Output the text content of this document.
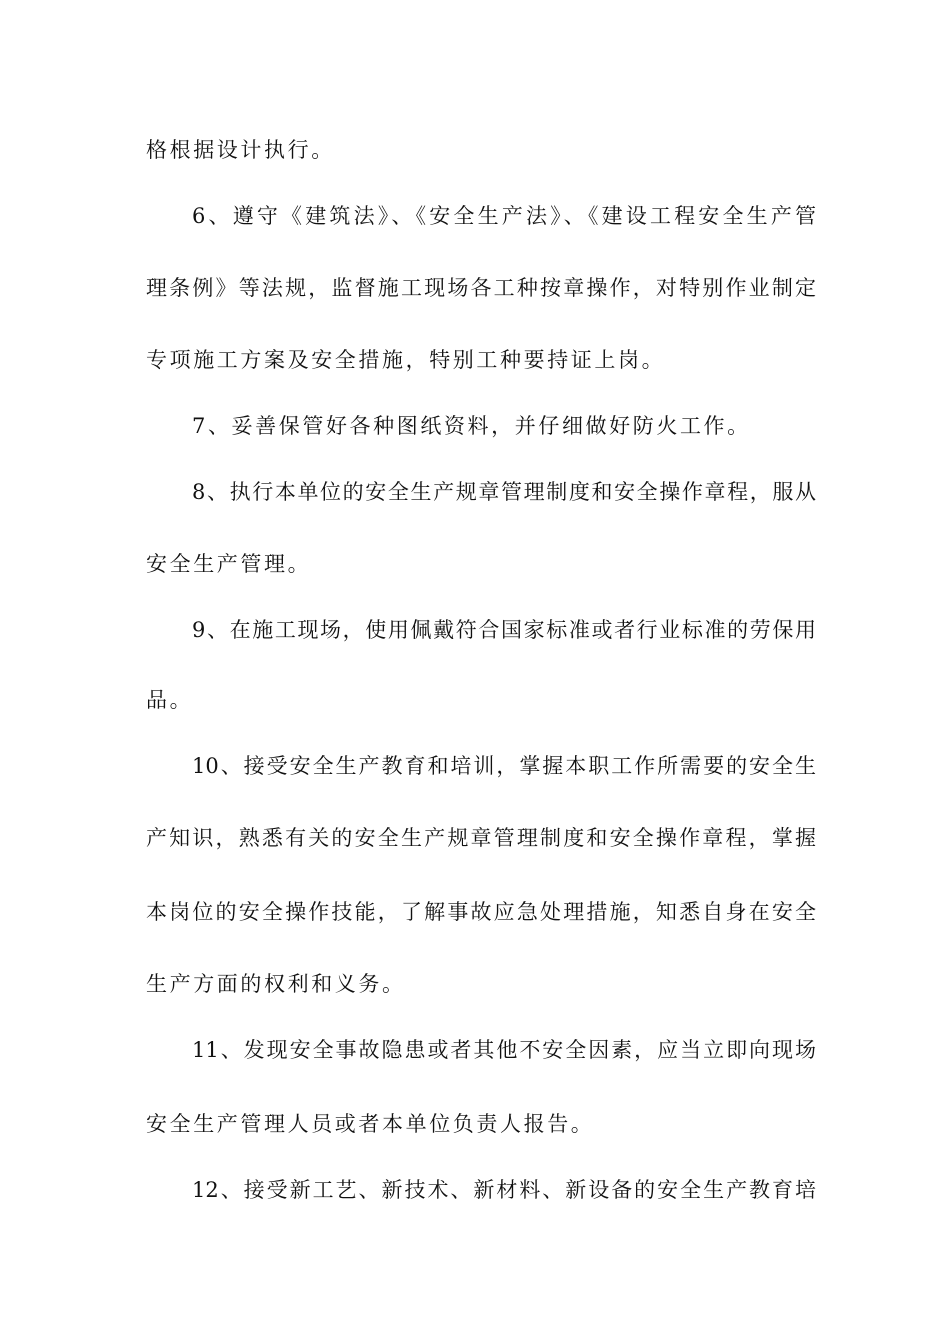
格根据设计执行。
6、遵守《建筑法》、《安全生产法》、《建设工程安全生产管
理条例》等法规，监督施工现场各工种按章操作，对特别作业制定
专项施工方案及安全措施，特别工种要持证上岗。
7、妥善保管好各种图纸资料，并仔细做好防火工作。
8、执行本单位的安全生产规章管理制度和安全操作章程，服从
安全生产管理。
9、在施工现场，使用佩戴符合国家标准或者行业标准的劳保用
品。
10、接受安全生产教育和培训，掌握本职工作所需要的安全生
产知识，熟悉有关的安全生产规章管理制度和安全操作章程，掌握
本岗位的安全操作技能，了解事故应急处理措施，知悉自身在安全
生产方面的权利和义务。
11、发现安全事故隐患或者其他不安全因素，应当立即向现场
安全生产管理人员或者本单位负责人报告。
12、接受新工艺、新技术、新材料、新设备的安全生产教育培
